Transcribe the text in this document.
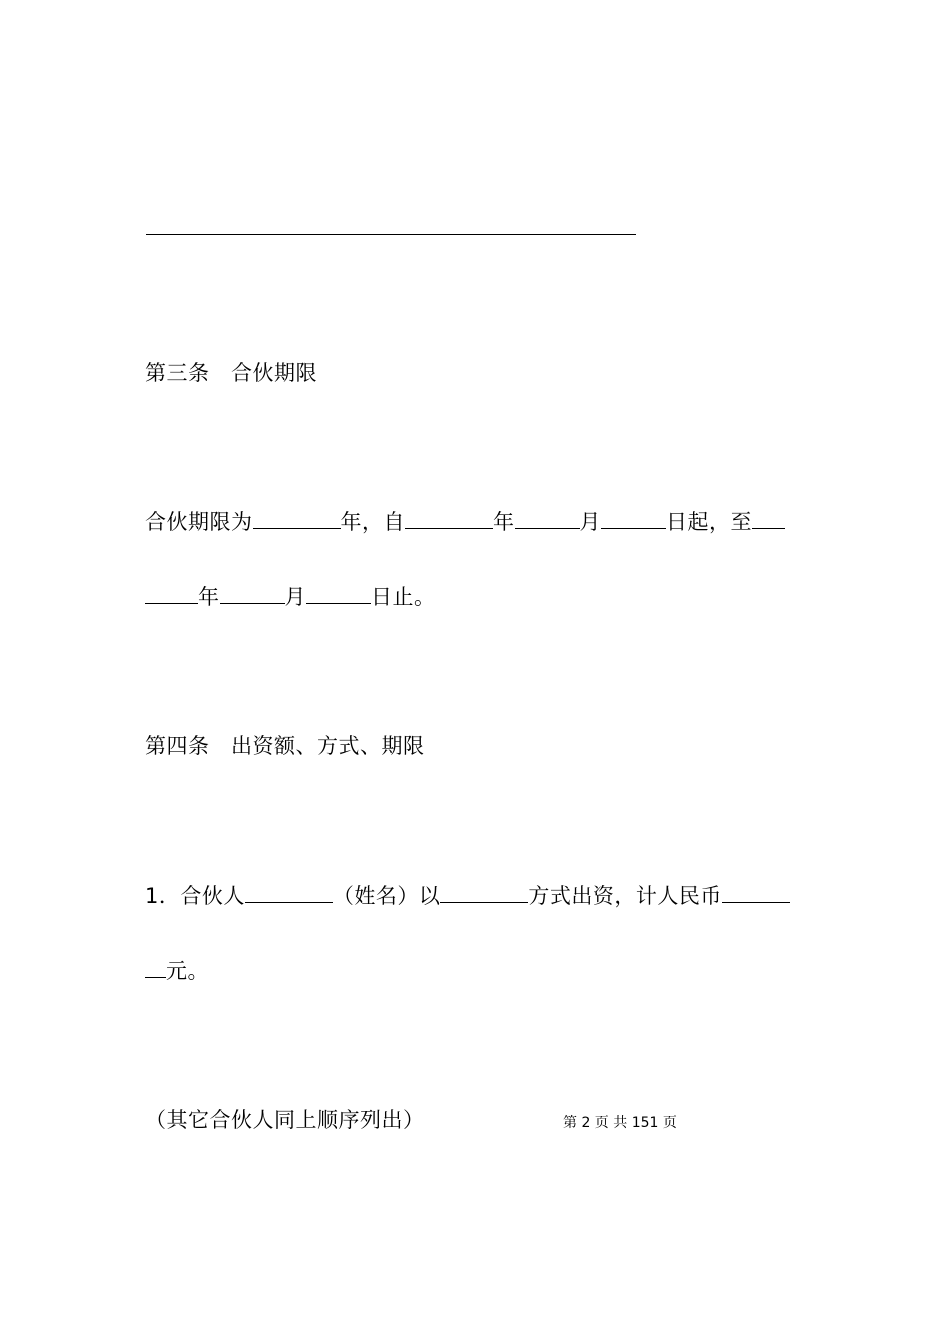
第三条　合伙期限
合伙期限为	年，自	年	月	日起，至
年	月	日止。
第四条　出资额、方式、期限
1．合伙人	（姓名）以	方式出资，计人民币
元。
（其它合伙人同上顺序列出）	第 2 页 共 151 页
